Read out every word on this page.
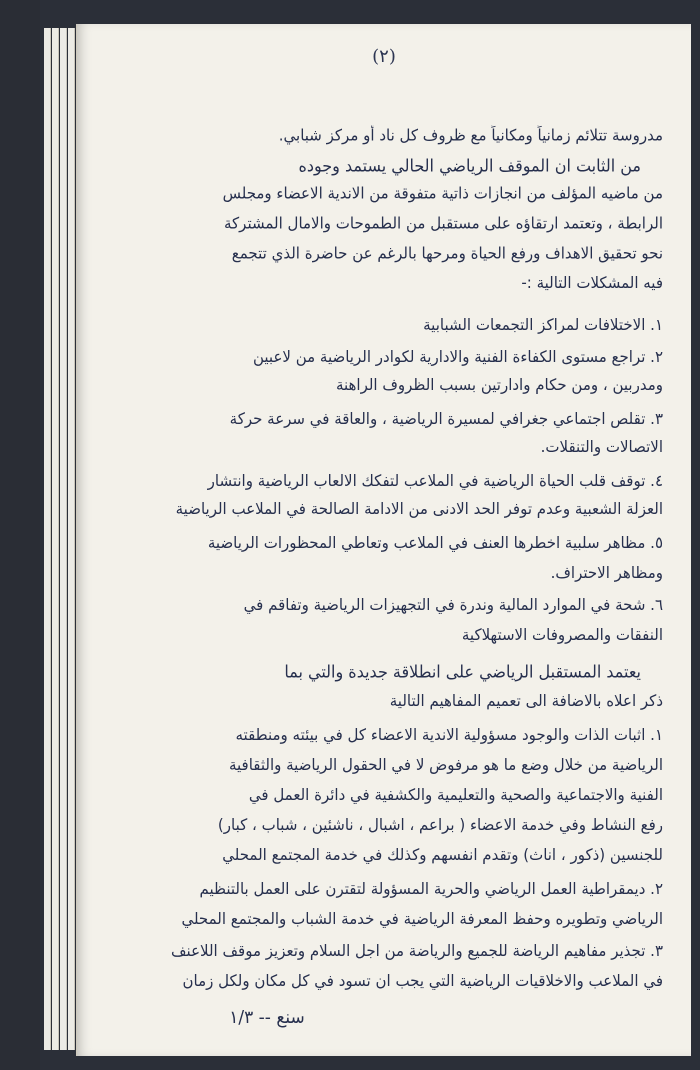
(٢)
مدروسة تتلائم زمانياً ومكانياً مع ظروف كل ناد أو مركز شبابي.
من الثابت ان الموقف الرياضي الحالي يستمد وجوده
من ماضيه المؤلف من انجازات ذاتية متفوقة من الاندية الاعضاء ومجلس
الرابطة ، وتعتمد ارتقاؤه على مستقبل من الطموحات والامال المشتركة
نحو تحقيق الاهداف ورفع الحياة ومرحها بالرغم عن حاضرة الذي تتجمع
فيه المشكلات التالية :-
١. الاختلافات لمراكز التجمعات الشبابية
٢. تراجع مستوى الكفاءة الفنية والادارية لكوادر الرياضية من لاعبين
ومدربين ، ومن حكام وادارتين بسبب الظروف الراهنة
٣. تقلص اجتماعي جغرافي لمسيرة الرياضية ، والعاقة في سرعة حركة
الاتصالات والتنقلات.
٤. توقف قلب الحياة الرياضية في الملاعب لتفكك الالعاب الرياضية وانتشار
العزلة الشعبية وعدم توفر الحد الادنى من الادامة الصالحة في الملاعب الرياضية
٥. مظاهر سلبية اخطرها العنف في الملاعب وتعاطي المحظورات الرياضية
ومظاهر الاحتراف.
٦. شحة في الموارد المالية وندرة في التجهيزات الرياضية وتفاقم في
النفقات والمصروفات الاستهلاكية
يعتمد المستقبل الرياضي على انطلاقة جديدة والتي بما
ذكر اعلاه بالاضافة الى تعميم المفاهيم التالية
١. اثبات الذات والوجود مسؤولية الاندية الاعضاء كل في بيئته ومنطقته
الرياضية من خلال وضع ما هو مرفوض لا في الحقول الرياضية والثقافية
الفنية والاجتماعية والصحية والتعليمية والكشفية في دائرة العمل في
رفع النشاط وفي خدمة الاعضاء ( براعم ، اشبال ، ناشئين ، شباب ، كبار)
للجنسين (ذكور ، اناث) وتقدم انفسهم وكذلك في خدمة المجتمع المحلي
٢. ديمقراطية العمل الرياضي والحرية المسؤولة لتقترن على العمل بالتنظيم
الرياضي وتطويره وحفظ المعرفة الرياضية في خدمة الشباب والمجتمع المحلي
٣. تجذير مفاهيم الرياضة للجميع والرياضة من اجل السلام وتعزيز موقف اللاعنف
في الملاعب والاخلاقيات الرياضية التي يجب ان تسود في كل مكان ولكل زمان
سنع -- ١/٣
